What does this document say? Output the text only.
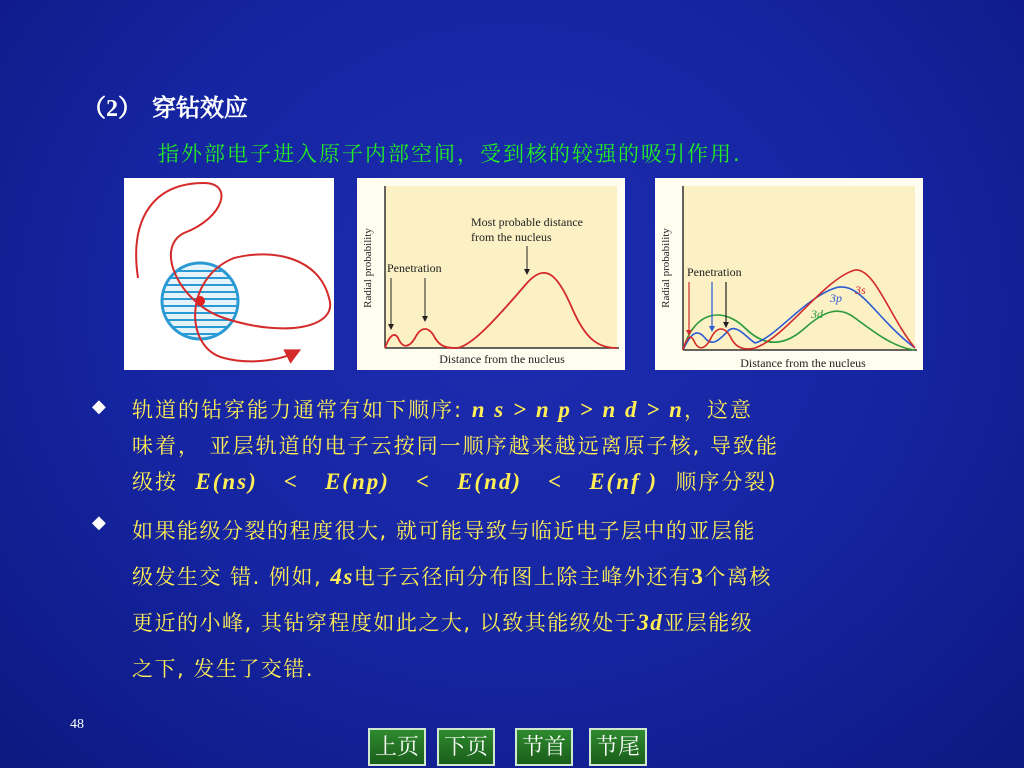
（2） 穿钻效应
指外部电子进入原子内部空间，受到核的较强的吸引作用.
Radial probability
Distance from the nucleus
Penetration
Most probable distance
from the nucleus	Radial probability
Distance from the nucleus
Penetration
3s
3p
3d
◆	轨道的钻穿能力通常有如下顺序: n s > n p > n d > n，这意
味着， 亚层轨道的电子云按同一顺序越来越远离原子核, 导致能
级按 E(ns) < E(np) < E(nd) < E(nf ) 顺序分裂)
◆	如果能级分裂的程度很大, 就可能导致与临近电子层中的亚层能
级发生交 错. 例如, 4s电子云径向分布图上除主峰外还有3个离核
更近的小峰, 其钻穿程度如此之大, 以致其能级处于3d亚层能级
之下, 发生了交错.
48
上页	下页	节首	节尾
